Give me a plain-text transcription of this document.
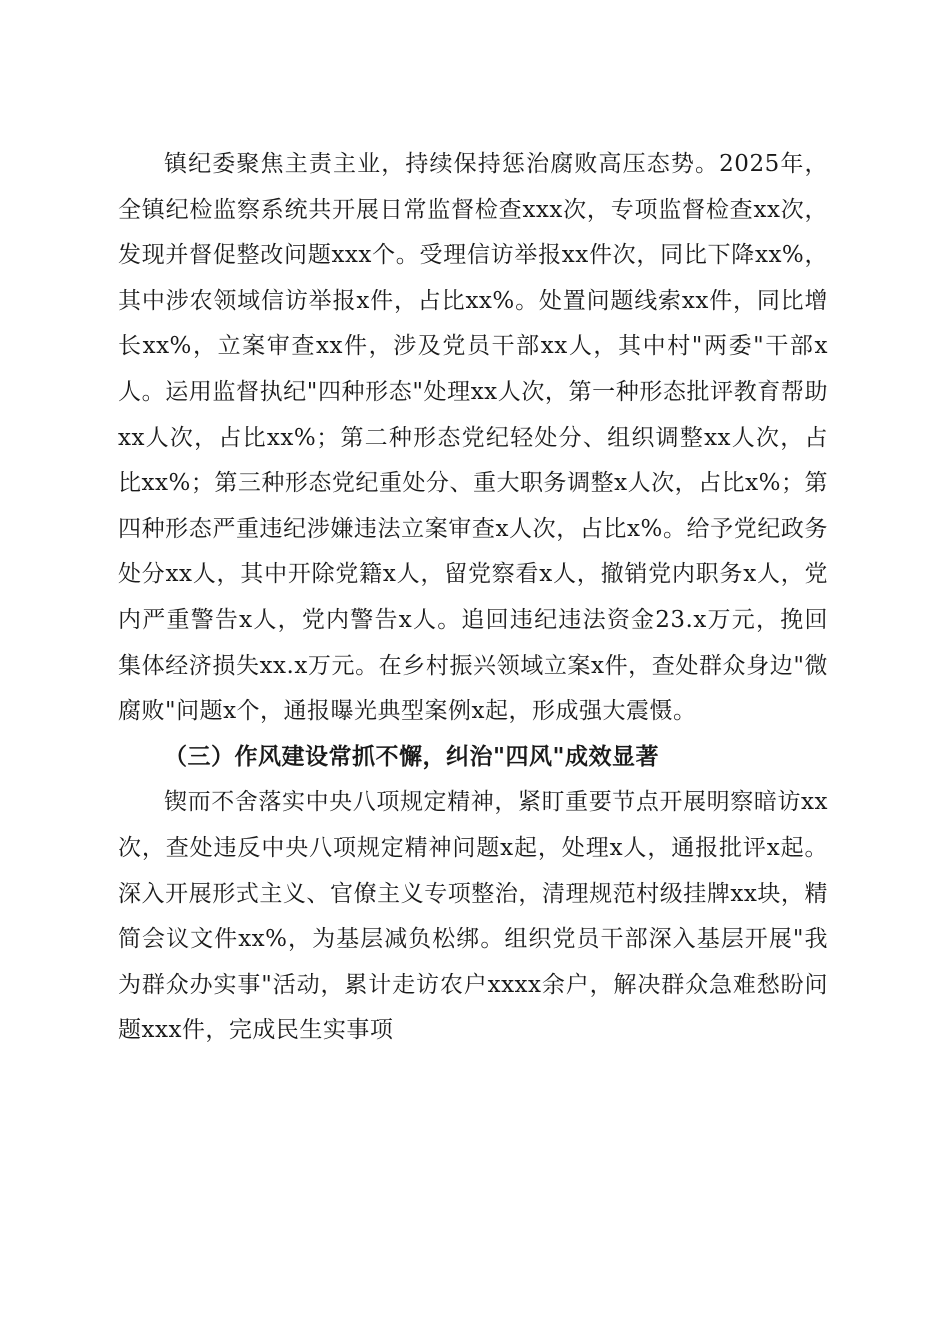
镇纪委聚焦主责主业，持续保持惩治腐败高压态势。2025年，全镇纪检监察系统共开展日常监督检查xxx次，专项监督检查xx次，发现并督促整改问题xxx个。受理信访举报xx件次，同比下降xx%，其中涉农领域信访举报x件，占比xx%。处置问题线索xx件，同比增长xx%，立案审查xx件，涉及党员干部xx人，其中村"两委"干部x人。运用监督执纪"四种形态"处理xx人次，第一种形态批评教育帮助xx人次，占比xx%；第二种形态党纪轻处分、组织调整xx人次，占比xx%；第三种形态党纪重处分、重大职务调整x人次，占比x%；第四种形态严重违纪涉嫌违法立案审查x人次，占比x%。给予党纪政务处分xx人，其中开除党籍x人，留党察看x人，撤销党内职务x人，党内严重警告x人，党内警告x人。追回违纪违法资金23.x万元，挽回集体经济损失xx.x万元。在乡村振兴领域立案x件，查处群众身边"微腐败"问题x个，通报曝光典型案例x起，形成强大震慑。

（三）作风建设常抓不懈，纠治"四风"成效显著

锲而不舍落实中央八项规定精神，紧盯重要节点开展明察暗访xx次，查处违反中央八项规定精神问题x起，处理x人，通报批评x起。深入开展形式主义、官僚主义专项整治，清理规范村级挂牌xx块，精简会议文件xx%，为基层减负松绑。组织党员干部深入基层开展"我为群众办实事"活动，累计走访农户xxxx余户，解决群众急难愁盼问题xxx件，完成民生实事项
